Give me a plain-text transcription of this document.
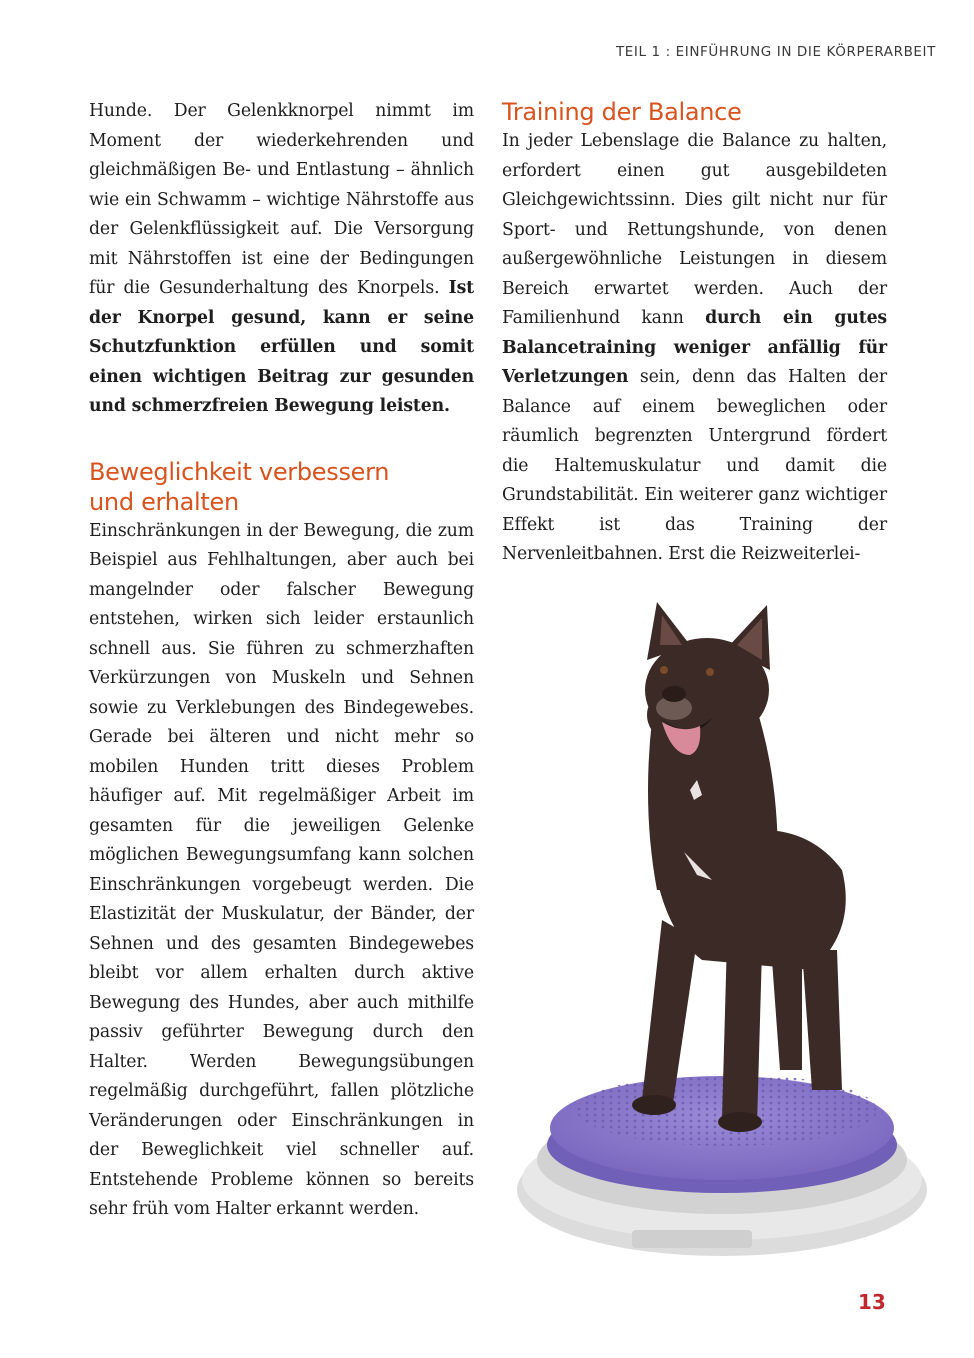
TEIL 1 : EINFÜHRUNG IN DIE KÖRPERARBEIT

Hunde. Der Gelenkknorpel nimmt im Moment der wiederkehrenden und gleichmäßigen Be- und Entlastung – ähnlich wie ein Schwamm – wichtige Nährstoffe aus der Gelenkflüssigkeit auf. Die Versorgung mit Nährstoffen ist eine der Bedingungen für die Gesunderhaltung des Knorpels. Ist der Knorpel gesund, kann er seine Schutzfunktion erfüllen und somit einen wichtigen Beitrag zur gesunden und schmerzfreien Bewegung leisten.

Beweglichkeit verbessern
und erhalten

Einschränkungen in der Bewegung, die zum Beispiel aus Fehlhaltungen, aber auch bei mangelnder oder falscher Bewegung entstehen, wirken sich leider erstaunlich schnell aus. Sie führen zu schmerzhaften Verkürzungen von Muskeln und Sehnen sowie zu Verklebungen des Bindegewebes. Gerade bei älteren und nicht mehr so mobilen Hunden tritt dieses Problem häufiger auf. Mit regelmäßiger Arbeit im gesamten für die jeweiligen Gelenke möglichen Bewegungsumfang kann solchen Einschränkungen vorgebeugt werden. Die Elastizität der Muskulatur, der Bänder, der Sehnen und des gesamten Bindegewebes bleibt vor allem erhalten durch aktive Bewegung des Hundes, aber auch mithilfe passiv geführter Bewegung durch den Halter. Werden Bewegungsübungen regelmäßig durchgeführt, fallen plötzliche Veränderungen oder Einschränkungen in der Beweglichkeit viel schneller auf. Entstehende Probleme können so bereits sehr früh vom Halter erkannt werden.

Training der Balance

In jeder Lebenslage die Balance zu halten, erfordert einen gut ausgebildeten Gleichgewichtssinn. Dies gilt nicht nur für Sport- und Rettungshunde, von denen außergewöhnliche Leistungen in diesem Bereich erwartet werden. Auch der Familienhund kann durch ein gutes Balancetraining weniger anfällig für Verletzungen sein, denn das Halten der Balance auf einem beweglichen oder räumlich begrenzten Untergrund fördert die Haltemuskulatur und damit die Grundstabilität. Ein weiterer ganz wichtiger Effekt ist das Training der Nervenleitbahnen. Erst die Reizweiterlei-

13
